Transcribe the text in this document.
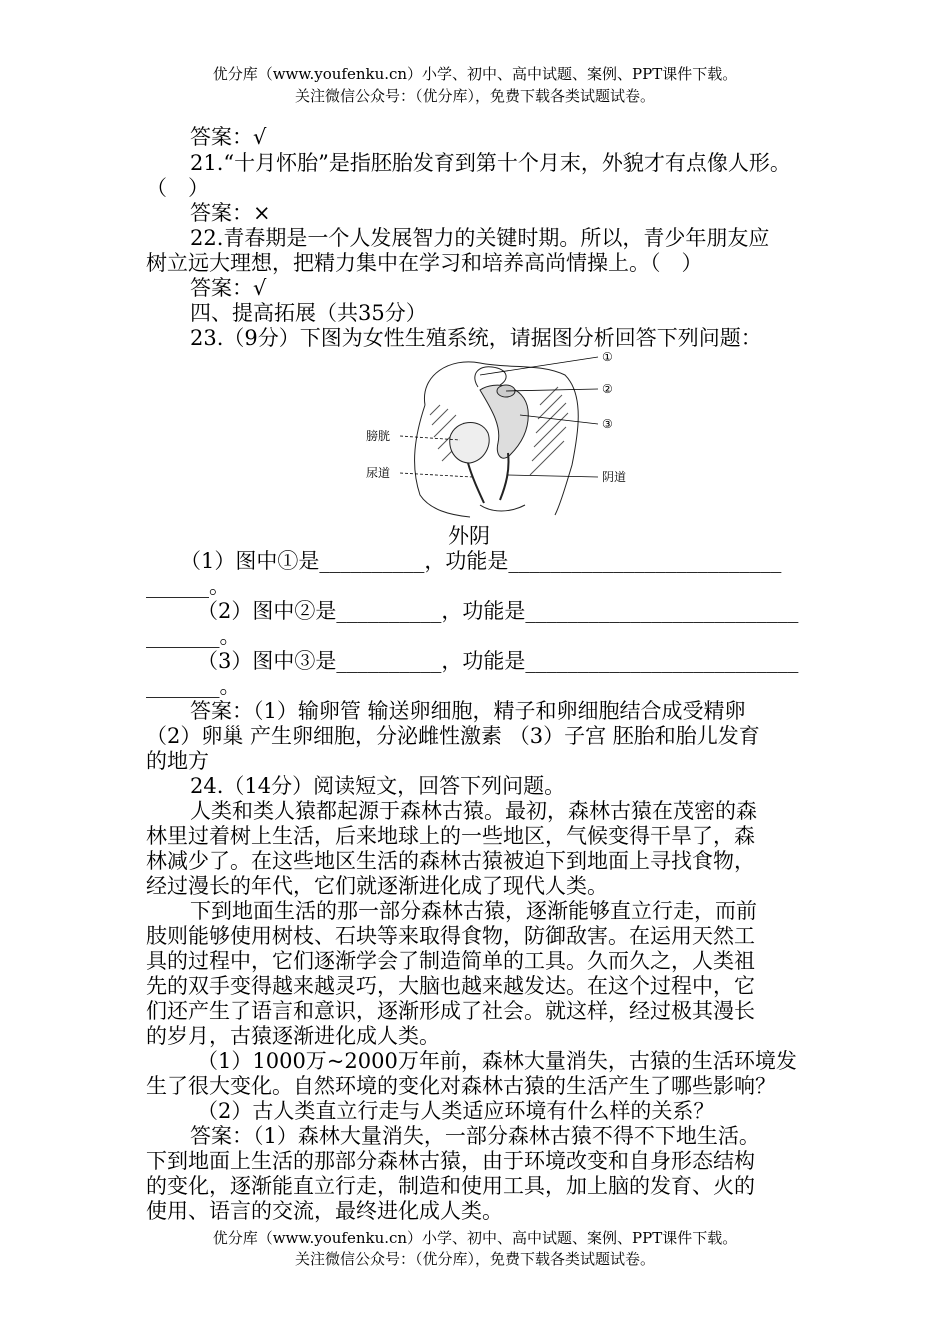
优分库（www.youfenku.cn）小学、初中、高中试题、案例、PPT课件下载。
关注微信公众号：（优分库），免费下载各类试题试卷。
答案：√
21.“十月怀胎”是指胚胎发育到第十个月末，外貌才有点像人形。
（　）
答案：×
22.青春期是一个人发展智力的关键时期。所以，青少年朋友应
树立远大理想，把精力集中在学习和培养高尚情操上。（　）
答案：√
四、提高拓展（共35分）
23.（9分）下图为女性生殖系统，请据图分析回答下列问题：
①
②
③
膀胱
尿道	阴道
外阴
（1）图中①是__________，功能是__________________________
______。
（2）图中②是__________，功能是__________________________
_______。
（3）图中③是__________，功能是__________________________
_______。
答案：（1）输卵管 输送卵细胞，精子和卵细胞结合成受精卵
（2）卵巢 产生卵细胞，分泌雌性激素 （3）子宫 胚胎和胎儿发育
的地方
24.（14分）阅读短文，回答下列问题。
人类和类人猿都起源于森林古猿。最初，森林古猿在茂密的森
林里过着树上生活，后来地球上的一些地区，气候变得干旱了，森
林减少了。在这些地区生活的森林古猿被迫下到地面上寻找食物，
经过漫长的年代，它们就逐渐进化成了现代人类。
下到地面生活的那一部分森林古猿，逐渐能够直立行走，而前
肢则能够使用树枝、石块等来取得食物，防御敌害。在运用天然工
具的过程中，它们逐渐学会了制造简单的工具。久而久之，人类祖
先的双手变得越来越灵巧，大脑也越来越发达。在这个过程中，它
们还产生了语言和意识，逐渐形成了社会。就这样，经过极其漫长
的岁月，古猿逐渐进化成人类。
（1）1000万~2000万年前，森林大量消失，古猿的生活环境发
生了很大变化。自然环境的变化对森林古猿的生活产生了哪些影响？
（2）古人类直立行走与人类适应环境有什么样的关系？
答案：（1）森林大量消失，一部分森林古猿不得不下地生活。
下到地面上生活的那部分森林古猿，由于环境改变和自身形态结构
的变化，逐渐能直立行走，制造和使用工具，加上脑的发育、火的
使用、语言的交流，最终进化成人类。
优分库（www.youfenku.cn）小学、初中、高中试题、案例、PPT课件下载。
关注微信公众号：（优分库），免费下载各类试题试卷。
